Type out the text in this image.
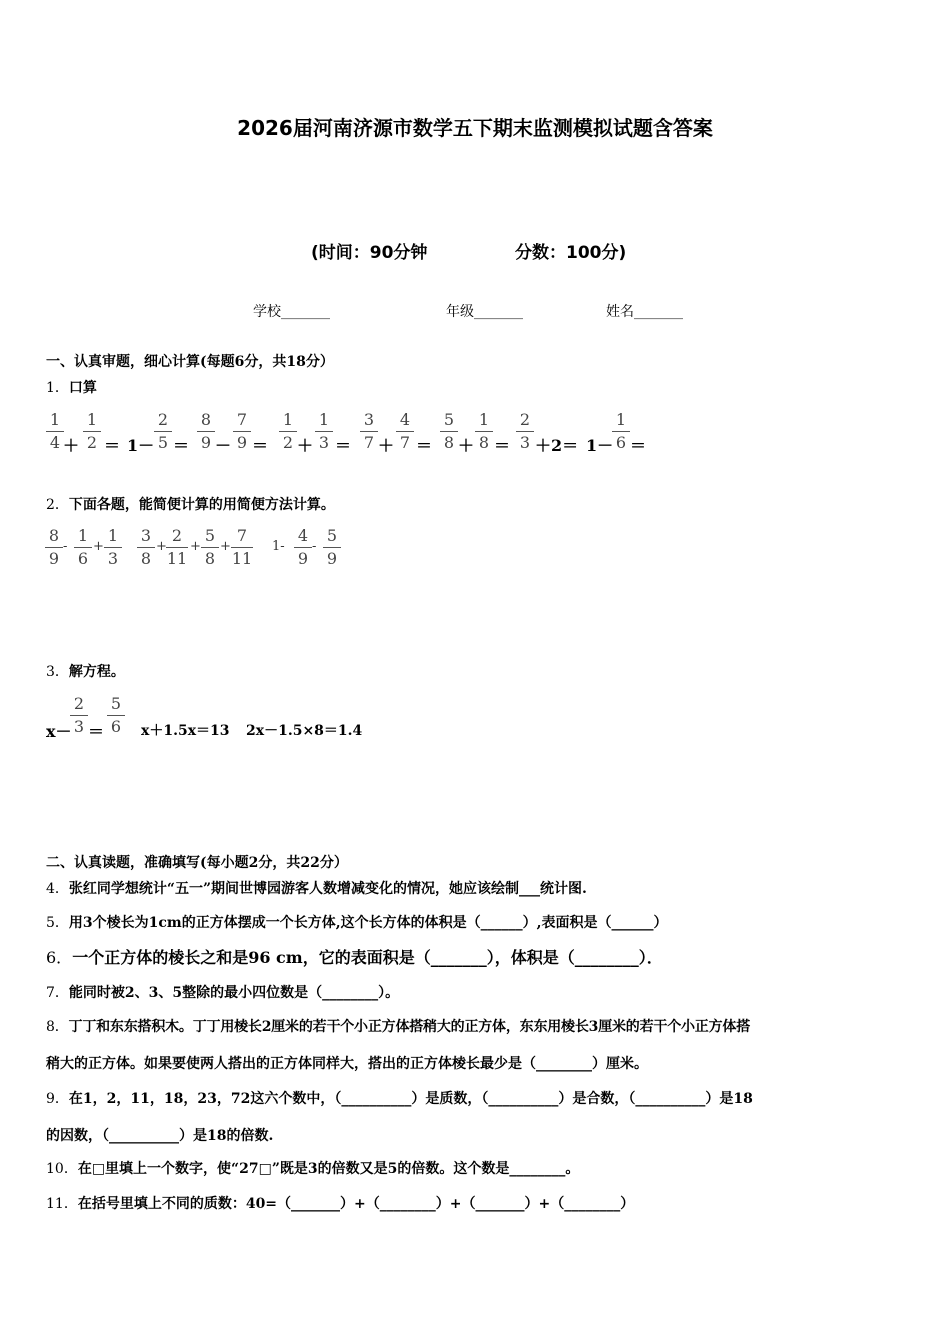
2026届河南济源市数学五下期末监测模拟试题含答案
(时间：90分钟	分数：100分)
学校_______	年级_______	姓名_______
一、认真审题，细心计算(每题6分，共18分）
1．口算
1
4
1
2
2
5
8
9
7
9
1
2
1
3
3
7
4
7
5
8
1
8
2
3
1
6
＋ ＝ 1－ ＝ － ＝ ＋ ＝ ＋ ＝ ＋ ＝ ＋2＝ 1－ ＝
2．下面各题，能简便计算的用简便方法计算。
8
9
1
6
1
3
3
8
2
11
5
8
7
11
4
9
5
9
- +	+ + +	1- -
3．解方程。
2
3
5
6
x－ ＝	x＋1.5x＝13 2x－1.5×8＝1.4
二、认真读题，准确填写(每小题2分，共22分）
4．张红同学想统计“五一”期间世博园游客人数增减变化的情况，她应该绘制___统计图.
5．用3个棱长为1cm的正方体摆成一个长方体,这个长方体的体积是（______）,表面积是（______）
6．一个正方体的棱长之和是96 cm，它的表面积是（_______），体积是（________）．
7．能同时被2、3、5整除的最小四位数是（________）。
8．丁丁和东东搭积木。丁丁用棱长2厘米的若干个小正方体搭稍大的正方体，东东用棱长3厘米的若干个小正方体搭
稍大的正方体。如果要使两人搭出的正方体同样大，搭出的正方体棱长最少是（________）厘米。
9．在1，2，11，18，23，72这六个数中，（__________）是质数，（__________）是合数，（__________）是18
的因数，（__________）是18的倍数.
10．在□里填上一个数字，使“27□”既是3的倍数又是5的倍数。这个数是________。
11．在括号里填上不同的质数：40=（_______）+（________）+（_______）+（________）
